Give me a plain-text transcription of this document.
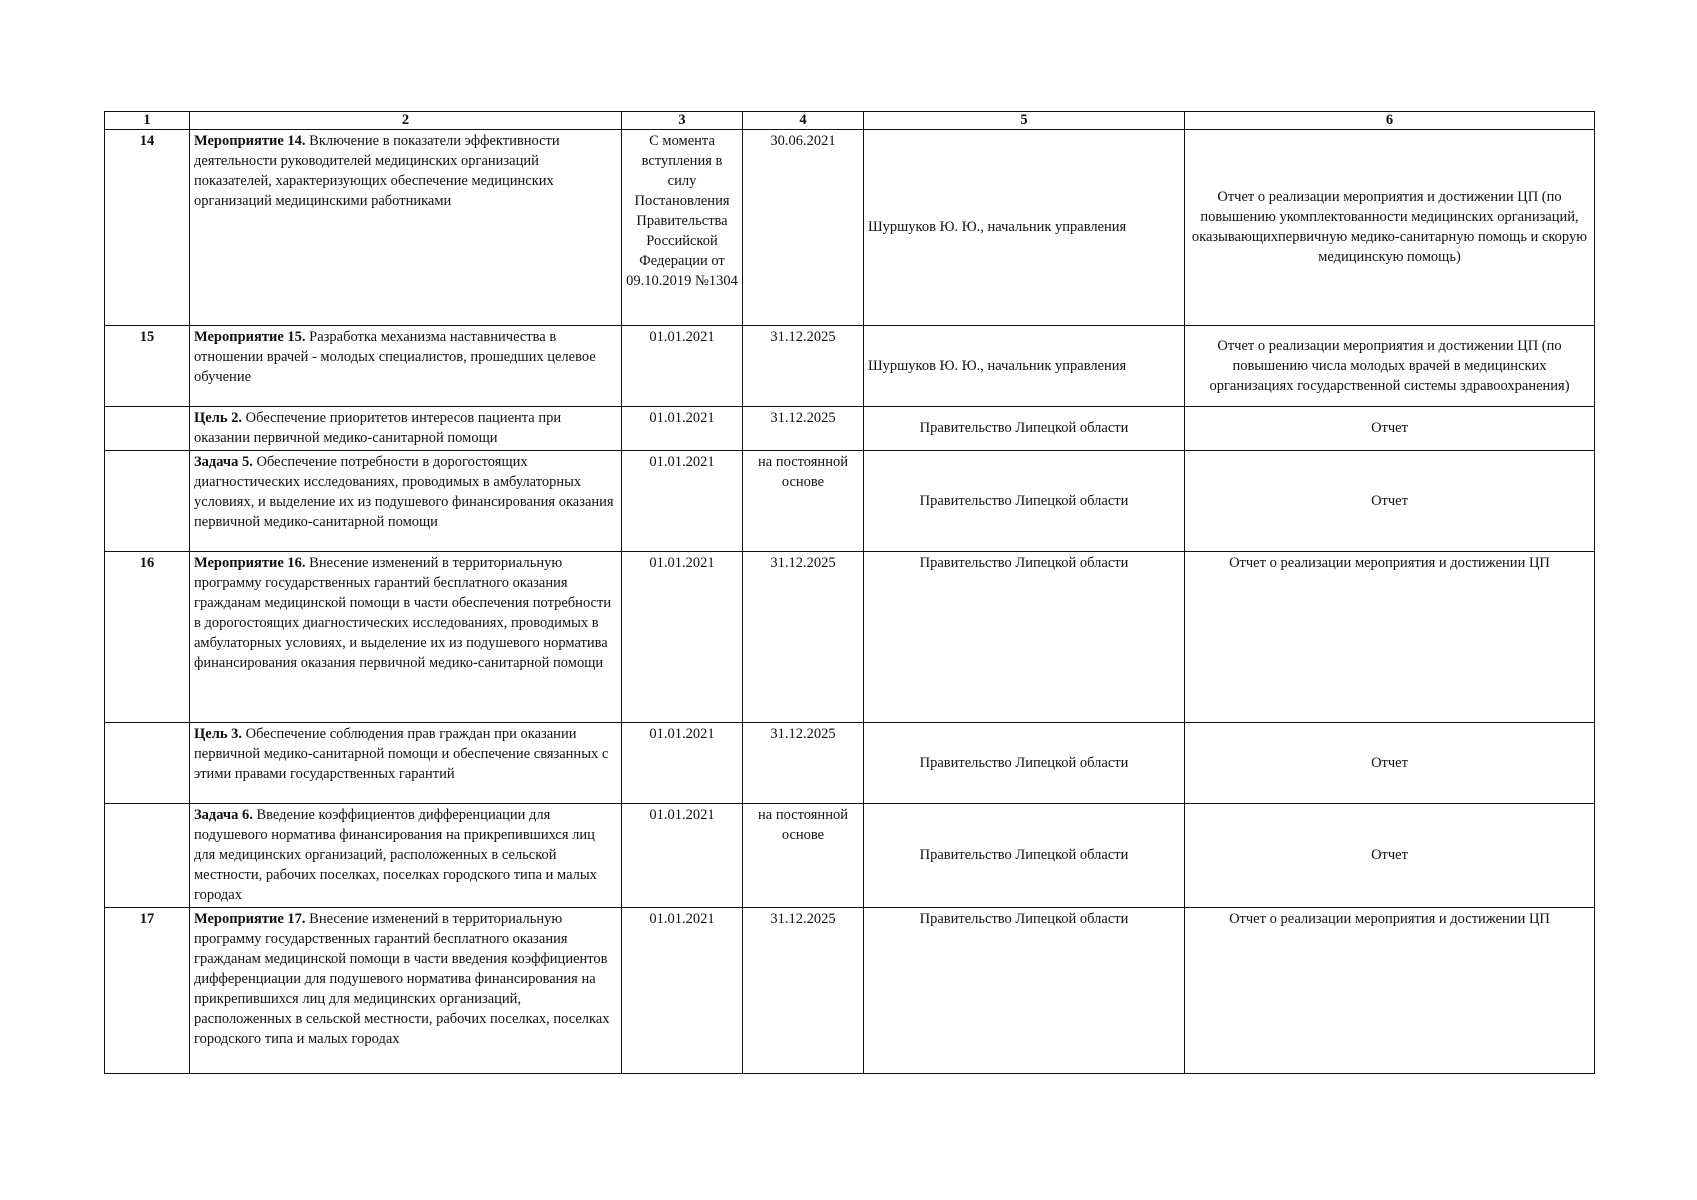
1	2	3	4	5	6
14	Мероприятие 14. Включение в показатели эффективности деятельности руководителей медицинских организаций показателей, характеризующих обеспечение медицинских организаций медицинскими работниками	С момента вступления в силу Постановления Правительства Российской Федерации от 09.10.2019 №1304	30.06.2021	Шуршуков Ю. Ю., начальник управления	Отчет о реализации мероприятия и достижении ЦП (по повышению укомплектованности медицинских организаций, оказывающихпервичную медико-санитарную помощь и скорую медицинскую помощь)
15	Мероприятие 15. Разработка механизма наставничества в отношении врачей - молодых специалистов, прошедших целевое обучение	01.01.2021	31.12.2025	Шуршуков Ю. Ю., начальник управления	Отчет о реализации мероприятия и достижении ЦП (по повышению числа молодых врачей в медицинских организациях государственной системы здравоохранения)
	Цель 2. Обеспечение приоритетов интересов пациента при оказании первичной медико-санитарной помощи	01.01.2021	31.12.2025	Правительство Липецкой области	Отчет
	Задача 5. Обеспечение потребности в дорогостоящих диагностических исследованиях, проводимых в амбулаторных условиях, и выделение их из подушевого финансирования оказания первичной медико-санитарной помощи	01.01.2021	на постоянной основе	Правительство Липецкой области	Отчет
16	Мероприятие 16. Внесение изменений в территориальную программу государственных гарантий бесплатного оказания гражданам медицинской помощи в части обеспечения потребности в дорогостоящих диагностических исследованиях, проводимых в амбулаторных условиях, и выделение их из подушевого норматива финансирования оказания первичной медико-санитарной помощи	01.01.2021	31.12.2025	Правительство Липецкой области	Отчет о реализации мероприятия и достижении ЦП
	Цель 3. Обеспечение соблюдения прав граждан при оказании первичной медико-санитарной помощи и обеспечение связанных с этими правами государственных гарантий	01.01.2021	31.12.2025	Правительство Липецкой области	Отчет
	Задача 6. Введение коэффициентов дифференциации для подушевого норматива финансирования на прикрепившихся лиц для медицинских организаций, расположенных в сельской местности, рабочих поселках, поселках городского типа и малых городах	01.01.2021	на постоянной основе	Правительство Липецкой области	Отчет
17	Мероприятие 17. Внесение изменений в территориальную программу государственных гарантий бесплатного оказания гражданам медицинской помощи в части введения коэффициентов дифференциации для подушевого норматива финансирования на прикрепившихся лиц для медицинских организаций, расположенных в сельской местности, рабочих поселках, поселках городского типа и малых городах	01.01.2021	31.12.2025	Правительство Липецкой области	Отчет о реализации мероприятия и достижении ЦП
